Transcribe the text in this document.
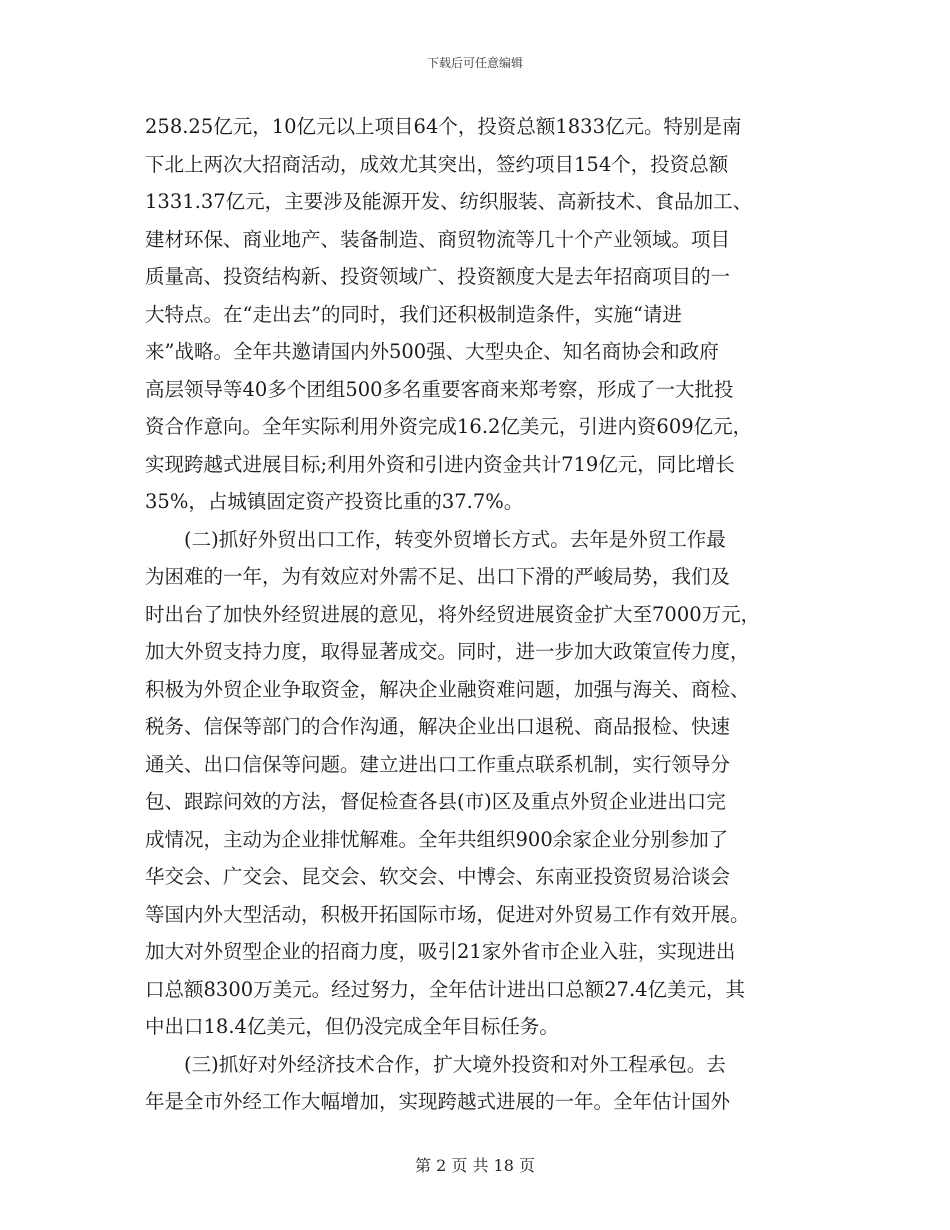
下载后可任意编辑
258.25亿元，10亿元以上项目64个，投资总额1833亿元。特别是南
下北上两次大招商活动，成效尤其突出，签约项目154个，投资总额
1331.37亿元，主要涉及能源开发、纺织服装、高新技术、食品加工、
建材环保、商业地产、装备制造、商贸物流等几十个产业领域。项目
质量高、投资结构新、投资领域广、投资额度大是去年招商项目的一
大特点。在“走出去”的同时，我们还积极制造条件，实施“请进
来”战略。全年共邀请国内外500强、大型央企、知名商协会和政府
高层领导等40多个团组500多名重要客商来郑考察，形成了一大批投
资合作意向。全年实际利用外资完成16.2亿美元，引进内资609亿元，
实现跨越式进展目标;利用外资和引进内资金共计719亿元，同比增长
35%，占城镇固定资产投资比重的37.7%。
　　(二)抓好外贸出口工作，转变外贸增长方式。去年是外贸工作最
为困难的一年，为有效应对外需不足、出口下滑的严峻局势，我们及
时出台了加快外经贸进展的意见，将外经贸进展资金扩大至7000万元，
加大外贸支持力度，取得显著成交。同时，进一步加大政策宣传力度，
积极为外贸企业争取资金，解决企业融资难问题，加强与海关、商检、
税务、信保等部门的合作沟通，解决企业出口退税、商品报检、快速
通关、出口信保等问题。建立进出口工作重点联系机制，实行领导分
包、跟踪问效的方法，督促检查各县(市)区及重点外贸企业进出口完
成情况，主动为企业排忧解难。全年共组织900余家企业分别参加了
华交会、广交会、昆交会、软交会、中博会、东南亚投资贸易洽谈会
等国内外大型活动，积极开拓国际市场，促进对外贸易工作有效开展。
加大对外贸型企业的招商力度，吸引21家外省市企业入驻，实现进出
口总额8300万美元。经过努力，全年估计进出口总额27.4亿美元，其
中出口18.4亿美元，但仍没完成全年目标任务。
　　(三)抓好对外经济技术合作，扩大境外投资和对外工程承包。去
年是全市外经工作大幅增加，实现跨越式进展的一年。全年估计国外
第 2 页 共 18 页
